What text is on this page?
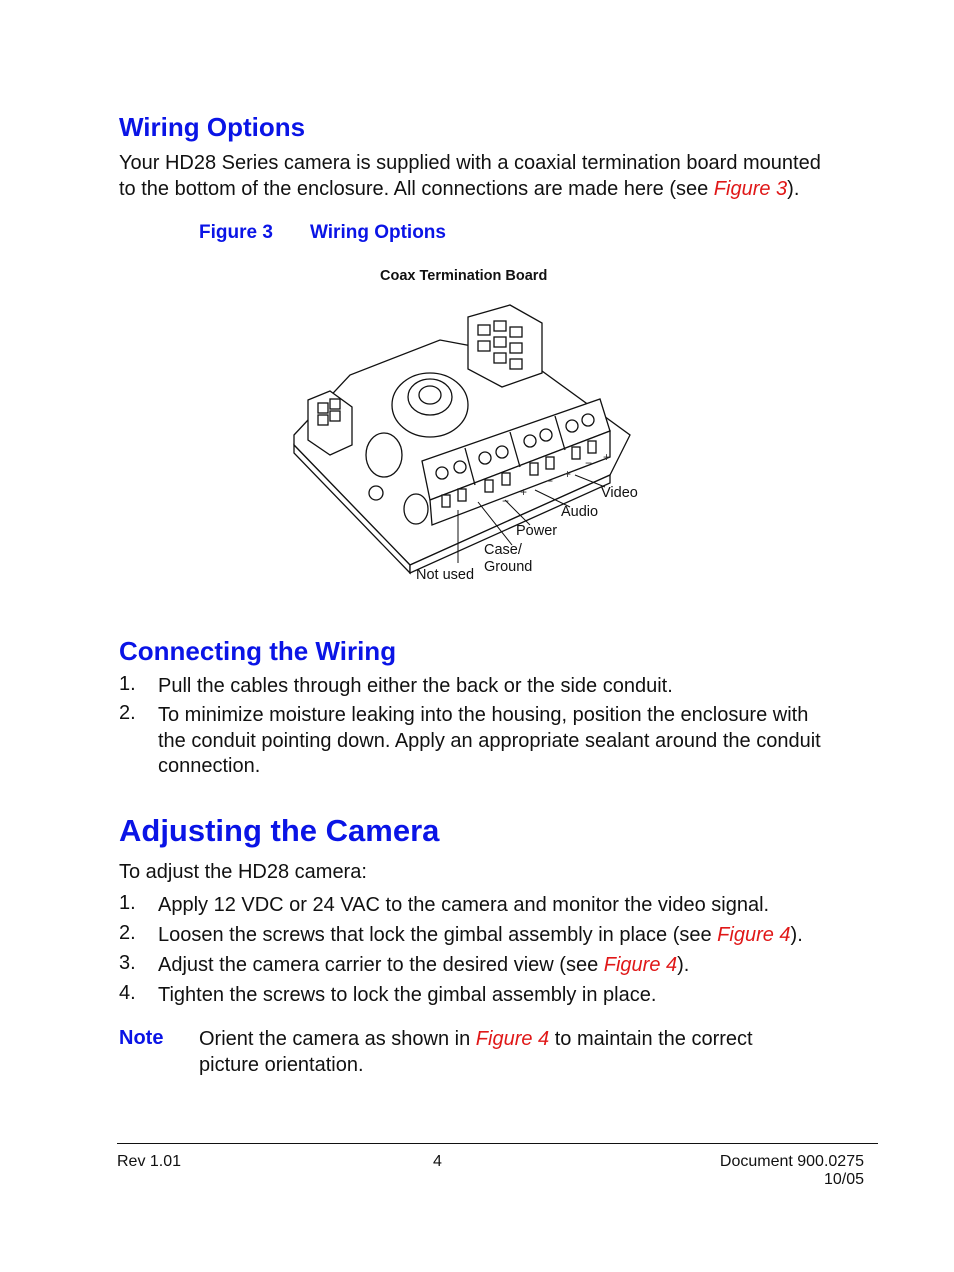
Wiring Options
Your HD28 Series camera is supplied with a coaxial termination board mounted
to the bottom of the enclosure. All connections are made here (see Figure 3).
Figure 3 Wiring Options
Coax Termination Board
+
−
+
−
+
−
Video
Audio
Power
Case/
Ground
Not used
Connecting the Wiring
1. Pull the cables through either the back or the side conduit.
2. To minimize moisture leaking into the housing, position the enclosure with
the conduit pointing down. Apply an appropriate sealant around the conduit
connection.
Adjusting the Camera
To adjust the HD28 camera:
1. Apply 12 VDC or 24 VAC to the camera and monitor the video signal.
2. Loosen the screws that lock the gimbal assembly in place (see Figure 4).
3. Adjust the camera carrier to the desired view (see Figure 4).
4. Tighten the screws to lock the gimbal assembly in place.
Note Orient the camera as shown in Figure 4 to maintain the correct
picture orientation.
Rev 1.01	4	Document 900.0275
10/05
